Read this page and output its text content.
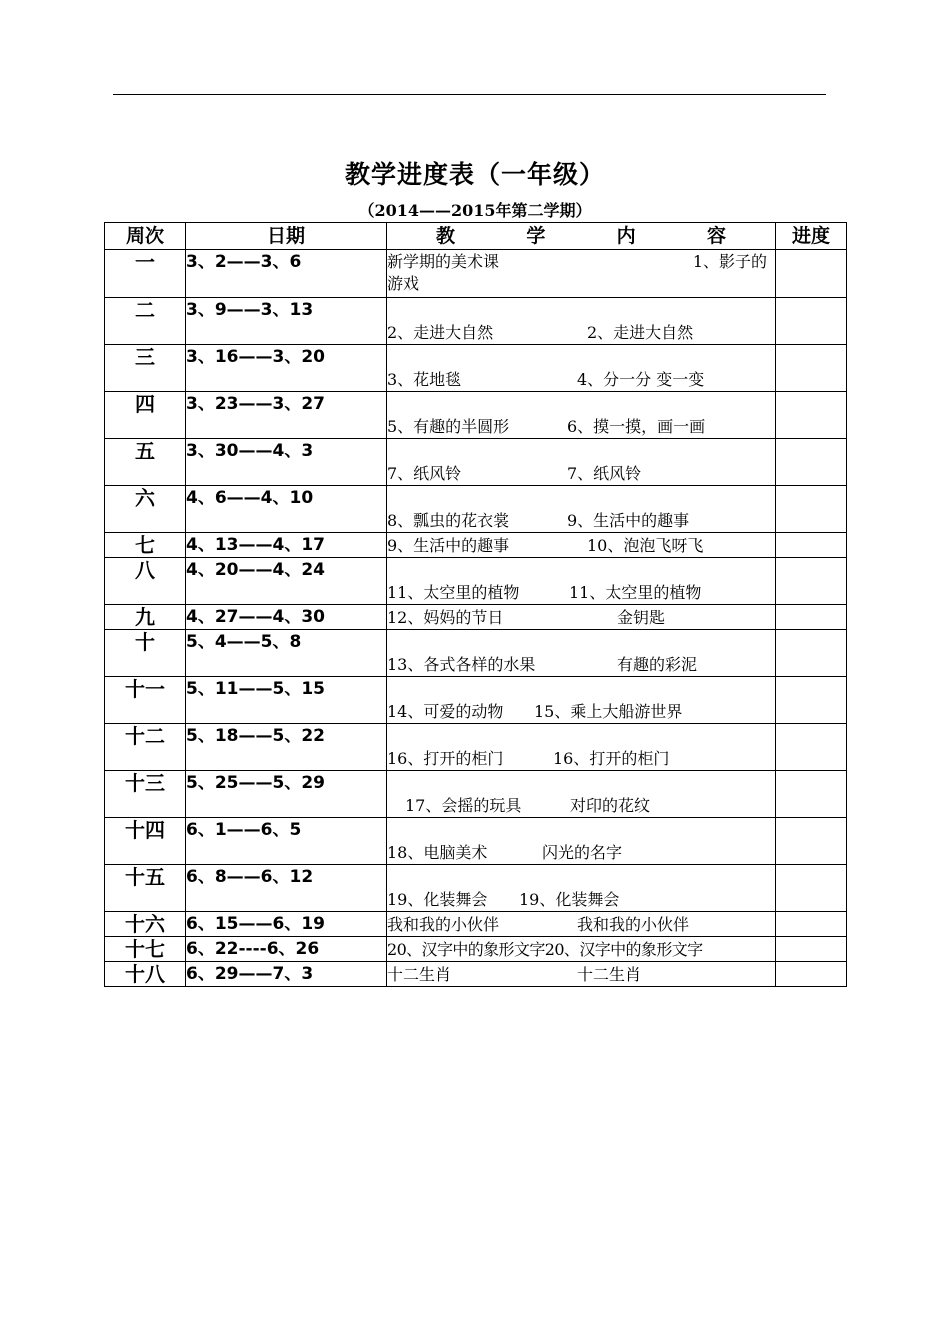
教学进度表（一年级）
（2014——2015年第二学期）
周次	日期	教 学 内 容	进度
一	3、2——3、6	新学期的美术课 1、影子的
游戏	

二	3、9——3、13	2、走进大自然 2、走进大自然	
三	3、16——3、20	3、花地毯 4、分一分 变一变	
四	3、23——3、27	5、有趣的半圆形 6、摸一摸，画一画	
五	3、30——4、3	7、纸风铃 7、纸风铃	
六	4、6——4、10	8、瓢虫的花衣裳 9、生活中的趣事	
七	4、13——4、17	9、生活中的趣事 10、泡泡飞呀飞	
八	4、20——4、24	11、太空里的植物 11、太空里的植物	
九	4、27——4、30	12、妈妈的节日 金钥匙	
十	5、4——5、8	13、各式各样的水果 有趣的彩泥	
十一	5、11——5、15	14、可爱的动物 15、乘上大船游世界	
十二	5、18——5、22	16、打开的柜门 16、打开的柜门	
十三	5、25——5、29	17、会摇的玩具 对印的花纹	
十四	6、1——6、5	18、电脑美术 闪光的名字	
十五	6、8——6、12	19、化装舞会 19、化装舞会	
十六	6、15——6、19	我和我的小伙伴 我和我的小伙伴	
十七	6、22----6、26	20、汉字中的象形文字20、汉字中的象形文字	
十八	6、29——7、3	十二生肖 十二生肖	
